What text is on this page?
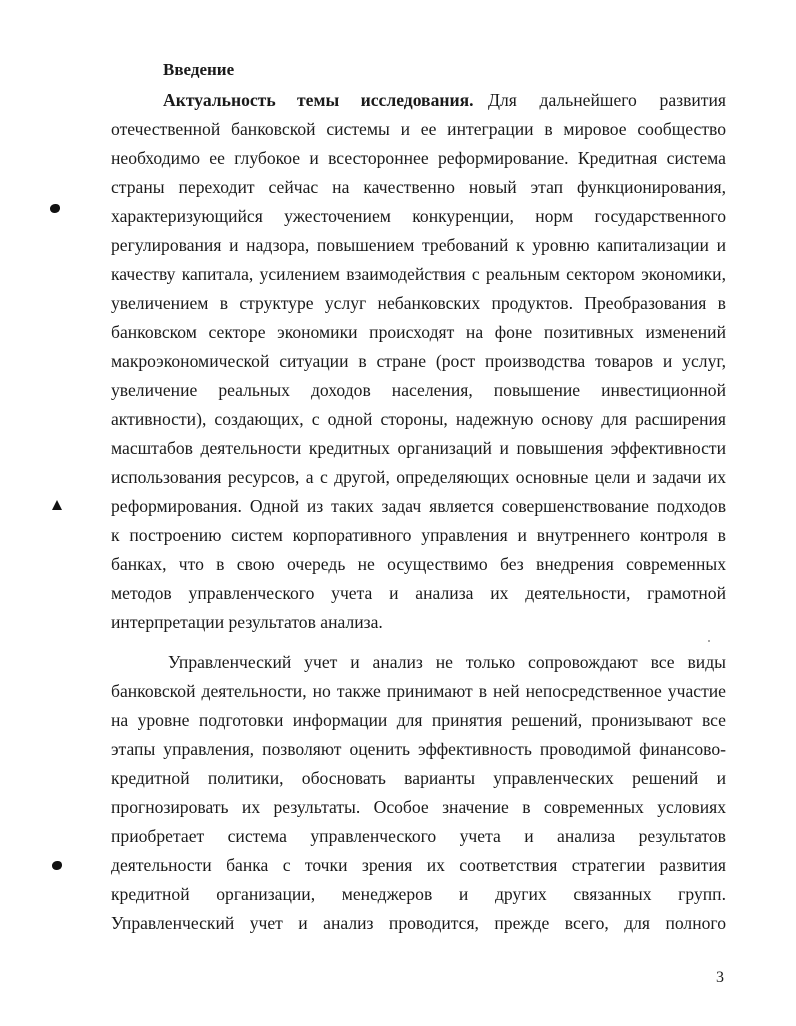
Введение
Актуальность темы исследования. Для дальнейшего развития
отечественной банковской системы и ее интеграции в мировое сообщество
необходимо ее глубокое и всестороннее реформирование. Кредитная система
страны переходит сейчас на качественно новый этап функционирования,
характеризующийся ужесточением конкуренции, норм государственного
регулирования и надзора, повышением требований к уровню капитализации и
качеству капитала, усилением взаимодействия с реальным сектором экономики,
увеличением в структуре услуг небанковских продуктов. Преобразования в
банковском секторе экономики происходят на фоне позитивных изменений
макроэкономической ситуации в стране (рост производства товаров и услуг,
увеличение реальных доходов населения, повышение инвестиционной
активности), создающих, с одной стороны, надежную основу для расширения
масштабов деятельности кредитных организаций и повышения эффективности
использования ресурсов, а с другой, определяющих основные цели и задачи их
реформирования. Одной из таких задач является совершенствование подходов
к построению систем корпоративного управления и внутреннего контроля в
банках, что в свою очередь не осуществимо без внедрения современных
методов управленческого учета и анализа их деятельности, грамотной
интерпретации результатов анализа.
Управленческий учет и анализ не только сопровождают все виды
банковской деятельности, но также принимают в ней непосредственное участие
на уровне подготовки информации для принятия решений, пронизывают все
этапы управления, позволяют оценить эффективность проводимой финансово-
кредитной политики, обосновать варианты управленческих решений и
прогнозировать их результаты. Особое значение в современных условиях
приобретает система управленческого учета и анализа результатов
деятельности банка с точки зрения их соответствия стратегии развития
кредитной организации, менеджеров и других связанных групп.
Управленческий учет и анализ проводится, прежде всего, для полного
3
